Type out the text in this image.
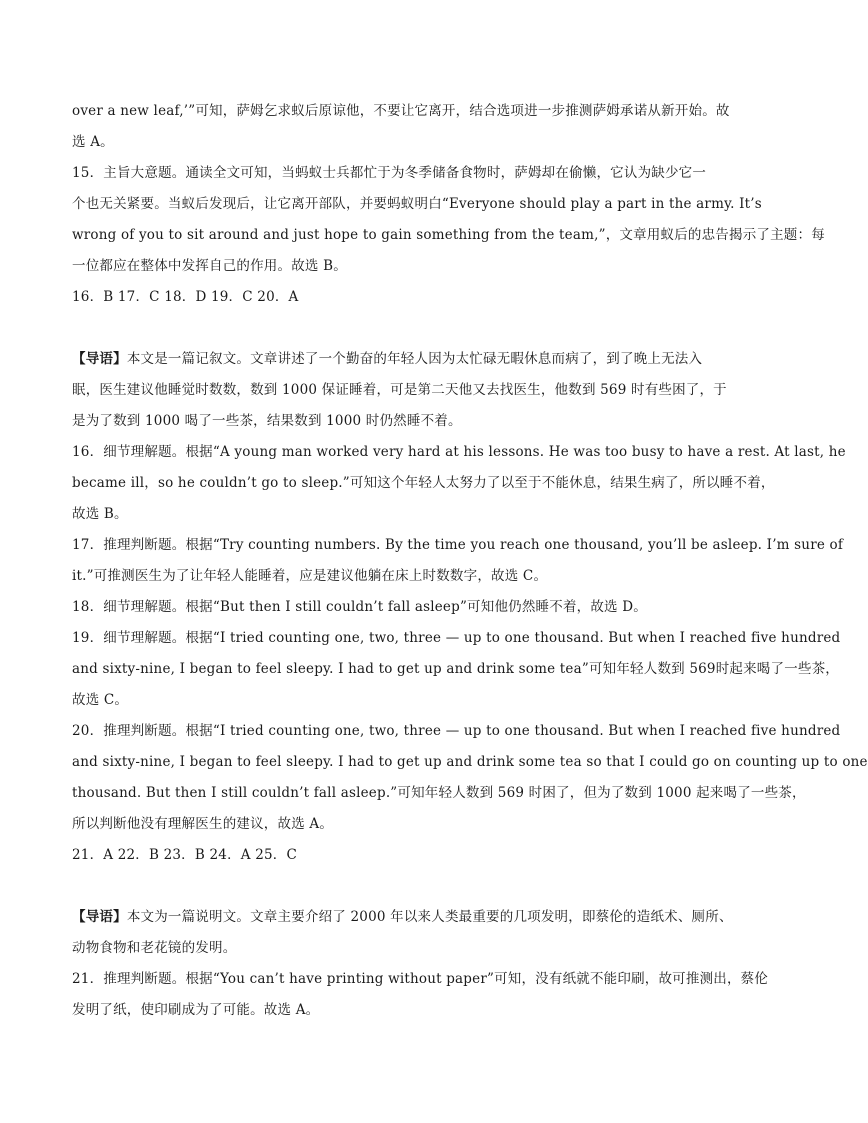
over a new leaf,’”可知，萨姆乞求蚁后原谅他，不要让它离开，结合选项进一步推测萨姆承诺从新开始。故
选 A。
15．主旨大意题。通读全文可知，当蚂蚁士兵都忙于为冬季储备食物时，萨姆却在偷懒，它认为缺少它一
个也无关紧要。当蚁后发现后，让它离开部队，并要蚂蚁明白“Everyone should play a part in the army. It’s
wrong of you to sit around and just hope to gain something from the team,”，文章用蚁后的忠告揭示了主题：每
一位都应在整体中发挥自己的作用。故选 B。
16．B 17．C 18．D 19．C 20．A
【导语】本文是一篇记叙文。文章讲述了一个勤奋的年轻人因为太忙碌无暇休息而病了，到了晚上无法入
眠，医生建议他睡觉时数数，数到 1000 保证睡着，可是第二天他又去找医生，他数到 569 时有些困了，于
是为了数到 1000 喝了一些茶，结果数到 1000 时仍然睡不着。
16．细节理解题。根据“A young man worked very hard at his lessons. He was too busy to have a rest. At last, he
became ill，so he couldn’t go to sleep.”可知这个年轻人太努力了以至于不能休息，结果生病了，所以睡不着，
故选 B。
17．推理判断题。根据“Try counting numbers. By the time you reach one thousand, you’ll be asleep. I’m sure of
it.”可推测医生为了让年轻人能睡着，应是建议他躺在床上时数数字，故选 C。
18．细节理解题。根据“But then I still couldn’t fall asleep”可知他仍然睡不着，故选 D。
19．细节理解题。根据“I tried counting one, two, three — up to one thousand. But when I reached five hundred
and sixty-nine, I began to feel sleepy. I had to get up and drink some tea”可知年轻人数到 569时起来喝了一些茶，
故选 C。
20．推理判断题。根据“I tried counting one, two, three — up to one thousand. But when I reached five hundred
and sixty-nine, I began to feel sleepy. I had to get up and drink some tea so that I could go on counting up to one
thousand. But then I still couldn’t fall asleep.”可知年轻人数到 569 时困了，但为了数到 1000 起来喝了一些茶，
所以判断他没有理解医生的建议，故选 A。
21．A 22．B 23．B 24．A 25．C
【导语】本文为一篇说明文。文章主要介绍了 2000 年以来人类最重要的几项发明，即蔡伦的造纸术、厕所、
动物食物和老花镜的发明。
21．推理判断题。根据“You can’t have printing without paper”可知，没有纸就不能印刷，故可推测出，蔡伦
发明了纸，使印刷成为了可能。故选 A。
